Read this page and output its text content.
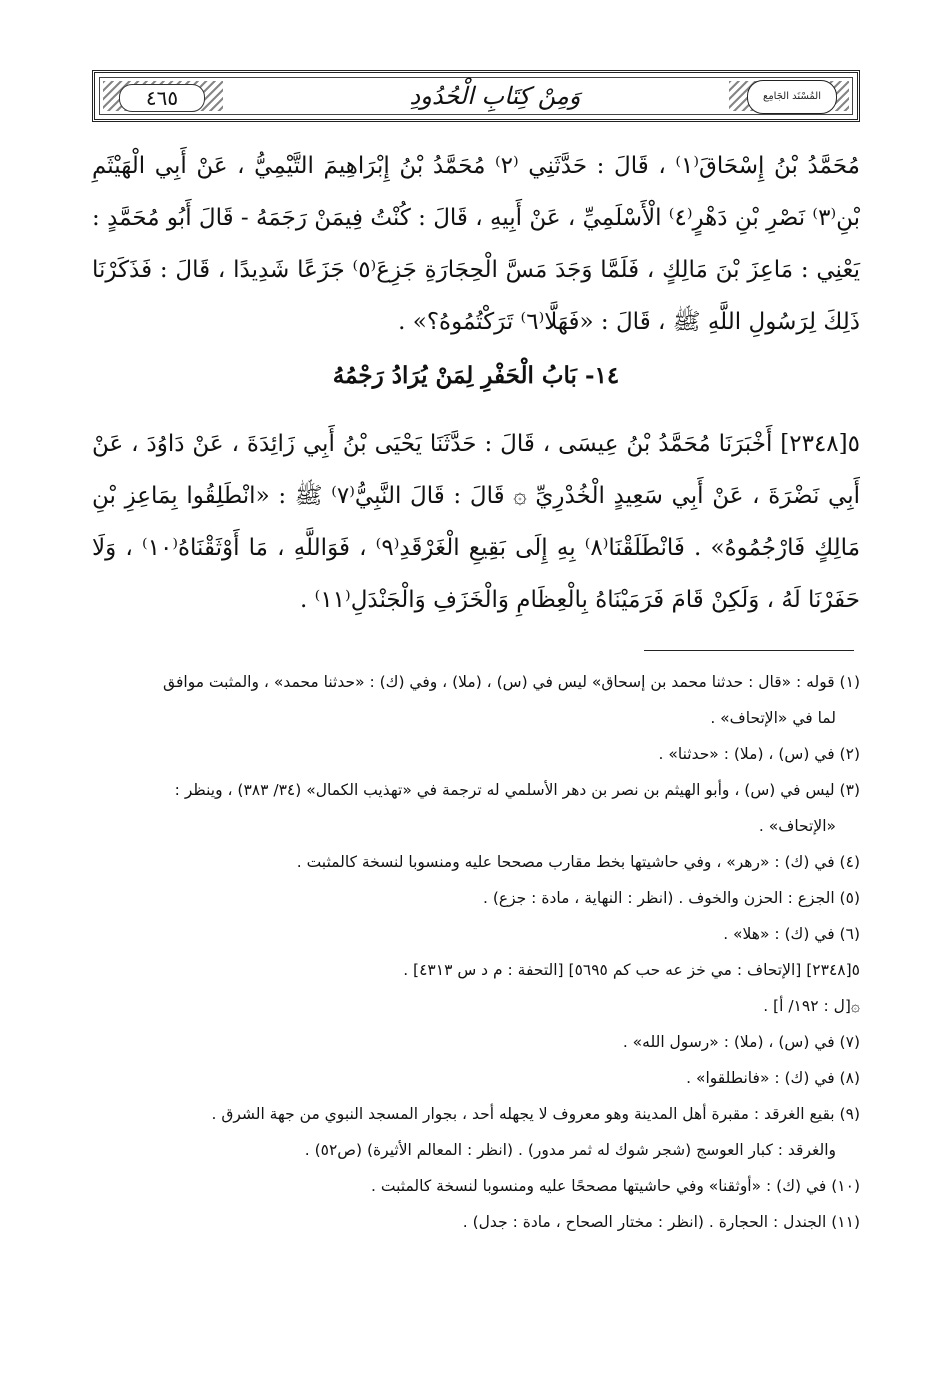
٤٦٥	وَمِنْ كِتَابِ الْحُدُودِ	المُسْنَد الجَامِع

مُحَمَّدُ بْنُ إِسْحَاقَ⁽١⁾ ، قَالَ : حَدَّثَنِي ⁽٢⁾ مُحَمَّدُ بْنُ إِبْرَاهِيمَ التَّيْمِيُّ ، عَنْ أَبِي الْهَيْثَمِ بْنِ⁽٣⁾ نَصْرِ بْنِ دَهْرٍ⁽٤⁾ الْأَسْلَمِيِّ ، عَنْ أَبِيهِ ، قَالَ : كُنْتُ فِيمَنْ رَجَمَهُ - قَالَ أَبُو مُحَمَّدٍ : يَعْنِي : مَاعِزَ بْنَ مَالِكٍ ، فَلَمَّا وَجَدَ مَسَّ الْحِجَارَةِ جَزِعَ⁽٥⁾ جَزَعًا شَدِيدًا ، قَالَ : فَذَكَرْنَا ذَلِكَ لِرَسُولِ اللَّهِ ﷺ ، قَالَ : «فَهَلَّا⁽٦⁾ تَرَكْتُمُوهُ؟» .

١٤- بَابُ الْحَفْرِ لِمَنْ يُرَادُ رَجْمُهُ

٥[٢٣٤٨] أَخْبَرَنَا مُحَمَّدُ بْنُ عِيسَى ، قَالَ : حَدَّثَنَا يَحْيَى بْنُ أَبِي زَائِدَةَ ، عَنْ دَاوُدَ ، عَنْ أَبِي نَضْرَةَ ، عَنْ أَبِي سَعِيدٍ الْخُدْرِيِّ ۞ قَالَ : قَالَ النَّبِيُّ⁽٧⁾ ﷺ : «انْطَلِقُوا بِمَاعِزِ بْنِ مَالِكٍ فَارْجُمُوهُ» . فَانْطَلَقْنَا⁽٨⁾ بِهِ إِلَى بَقِيعِ الْغَرْقَدِ⁽٩⁾ ، فَوَاللَّهِ ، مَا أَوْثَقْنَاهُ⁽١٠⁾ ، وَلَا حَفَرْنَا لَهُ ، وَلَكِنْ قَامَ فَرَمَيْنَاهُ بِالْعِظَامِ وَالْخَزَفِ وَالْجَنْدَلِ⁽١١⁾ .

(١) قوله : «قال : حدثنا محمد بن إسحاق» ليس في (س) ، (ملا) ، وفي (ك) : «حدثنا محمد» ، والمثبت موافق

لما في «الإتحاف» .

(٢) في (س) ، (ملا) : «حدثنا» .

(٣) ليس في (س) ، وأبو الهيثم بن نصر بن دهر الأسلمي له ترجمة في «تهذيب الكمال» (٣٤/ ٣٨٣) ، وينظر :

«الإتحاف» .

(٤) في (ك) : «رهر» ، وفي حاشيتها بخط مقارب مصححا عليه ومنسوبا لنسخة كالمثبت .

(٥) الجزع : الحزن والخوف . (انظر : النهاية ، مادة : جزع) .

(٦) في (ك) : «هلا» .

٥[٢٣٤٨] [الإتحاف : مي خز عه حب كم ٥٦٩٥] [التحفة : م د س ٤٣١٣] .

۞[ل : ١٩٢/ أ] .

(٧) في (س) ، (ملا) : «رسول الله» .

(٨) في (ك) : «فانطلقوا» .

(٩) بقيع الغرقد : مقبرة أهل المدينة وهو معروف لا يجهله أحد ، بجوار المسجد النبوي من جهة الشرق .

والغرقد : كبار العوسج (شجر شوك له ثمر مدور) . (انظر : المعالم الأثيرة) (ص٥٢) .

(١٠) في (ك) : «أوثقنا» وفي حاشيتها مصححًا عليه ومنسوبا لنسخة كالمثبت .

(١١) الجندل : الحجارة . (انظر : مختار الصحاح ، مادة : جدل) .
